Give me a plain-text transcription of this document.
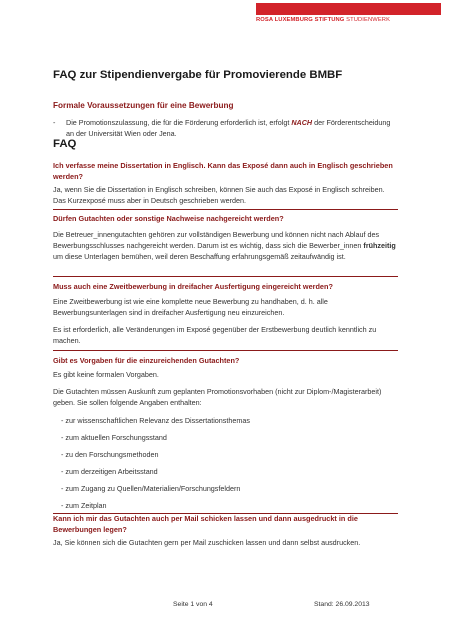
ROSA LUXEMBURG STIFTUNG STUDIENWERK
FAQ zur Stipendienvergabe für Promovierende BMBF
Formale Voraussetzungen für eine Bewerbung
- Die Promotionszulassung, die für die Förderung erforderlich ist, erfolgt NACH der Förderentscheidung an der Universität Wien oder Jena.
FAQ

Ich verfasse meine Dissertation in Englisch. Kann das Exposé dann auch in Englisch geschrieben werden?

Ja, wenn Sie die Dissertation in Englisch schreiben, können Sie auch das Exposé in Englisch schreiben. Das Kurzexposé muss aber in Deutsch geschrieben werden.

Dürfen Gutachten oder sonstige Nachweise nachgereicht werden?

Die Betreuer_innengutachten gehören zur vollständigen Bewerbung und können nicht nach Ablauf des Bewerbungsschlusses nachgereicht werden. Darum ist es wichtig, dass sich die Bewerber_innen frühzeitig um diese Unterlagen bemühen, weil deren Beschaffung erfahrungsgemäß zeitaufwändig ist.

Muss auch eine Zweitbewerbung in dreifacher Ausfertigung eingereicht werden?

Eine Zweitbewerbung ist wie eine komplette neue Bewerbung zu handhaben, d. h. alle Bewerbungsunterlagen sind in dreifacher Ausfertigung neu einzureichen.

Es ist erforderlich, alle Veränderungen im Exposé gegenüber der Erstbewerbung deutlich kenntlich zu machen.

Gibt es Vorgaben für die einzureichenden Gutachten?

Es gibt keine formalen Vorgaben.

Die Gutachten müssen Auskunft zum geplanten Promotionsvorhaben (nicht zur Diplom-/Magisterarbeit) geben. Sie sollen folgende Angaben enthalten:

- zur wissenschaftlichen Relevanz des Dissertationsthemas

- zum aktuellen Forschungsstand

- zu den Forschungsmethoden

- zum derzeitigen Arbeitsstand

- zum Zugang zu Quellen/Materialien/Forschungsfeldern

- zum Zeitplan

Kann ich mir das Gutachten auch per Mail schicken lassen und dann ausgedruckt in die Bewerbungen legen?

Ja, Sie können sich die Gutachten gern per Mail zuschicken lassen und dann selbst ausdrucken.

Seite 1 von 4	Stand: 26.09.2013
